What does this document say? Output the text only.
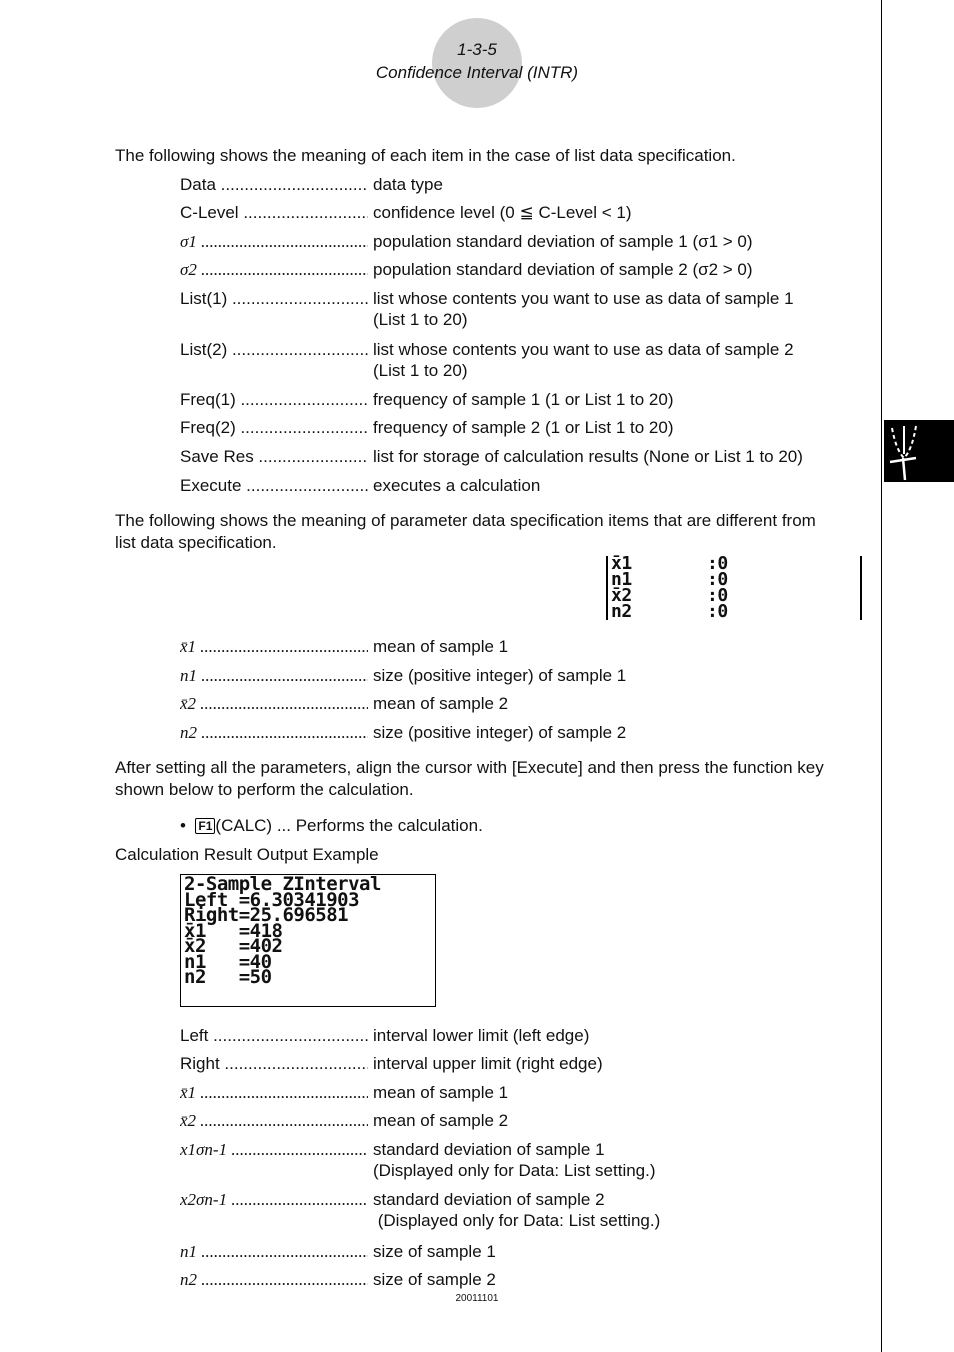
1-3-5
Confidence Interval (INTR)
The following shows the meaning of each item in the case of list data specification.
Data .....	data type
C-Level .....	confidence level (0 ≦ C-Level < 1)
σ1 .....	population standard deviation of sample 1 (σ1 > 0)
σ2 .....	population standard deviation of sample 2 (σ2 > 0)
List(1) .....	list whose contents you want to use as data of sample 1
(List 1 to 20)
List(2) .....	list whose contents you want to use as data of sample 2
(List 1 to 20)
Freq(1) .....	frequency of sample 1 (1 or List 1 to 20)
Freq(2) .....	frequency of sample 2 (1 or List 1 to 20)
Save Res .....	list for storage of calculation results (None or List 1 to 20)
Execute .....	executes a calculation
The following shows the meaning of parameter data specification items that are different from list data specification.
x̄1	:0
n1	:0
x̄2	:0
n2	:0
x̄1 .....	mean of sample 1
n1 .....	size (positive integer) of sample 1
x̄2 .....	mean of sample 2
n2 .....	size (positive integer) of sample 2
After setting all the parameters, align the cursor with [Execute] and then press the function key shown below to perform the calculation.
•  F1 (CALC) ... Performs the calculation.
Calculation Result Output Example
2-Sample ZInterval
Left =6.30341903
Right=25.696581
x̄1   =418
x̄2   =402
n1   =40
n2   =50
Left .....	interval lower limit (left edge)
Right .....	interval upper limit (right edge)
x̄1 .....	mean of sample 1
x̄2 .....	mean of sample 2
x1σn-1 .....	standard deviation of sample 1
(Displayed only for Data: List setting.)
x2σn-1 .....	standard deviation of sample 2
(Displayed only for Data: List setting.)
n1 .....	size of sample 1
n2 .....	size of sample 2
20011101
